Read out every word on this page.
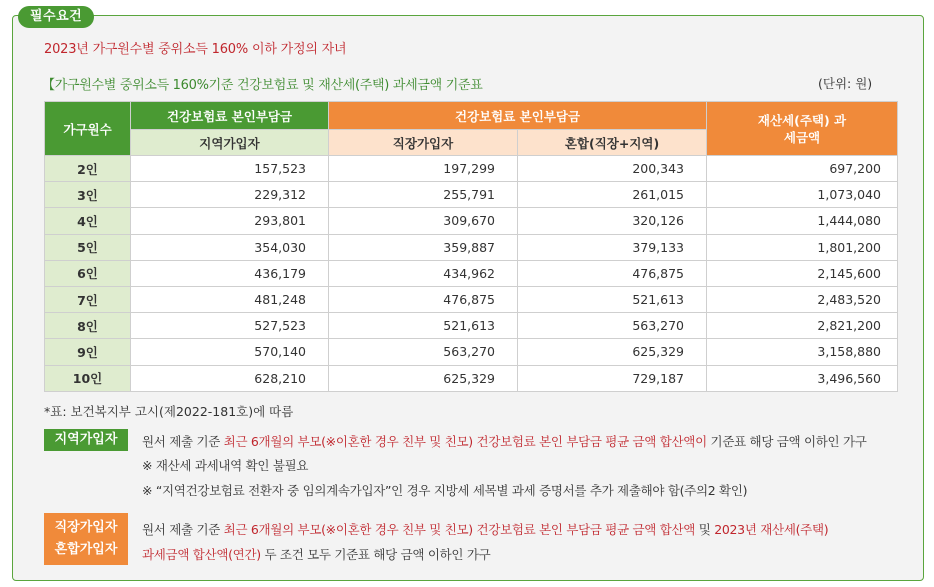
필수요건
2023년 가구원수별 중위소득 160% 이하 가정의 자녀
【가구원수별 중위소득 160%기준 건강보험료 및 재산세(주택) 과세금액 기준표	(단위: 원)
가구원수	건강보험료 본인부담금	건강보험료 본인부담금		재산세(주택) 과세금액
	지역가입자	직장가입자	혼합(직장+지역)	
2인	157,523	197,299	200,343	697,200
3인	229,312	255,791	261,015	1,073,040
4인	293,801	309,670	320,126	1,444,080
5인	354,030	359,887	379,133	1,801,200
6인	436,179	434,962	476,875	2,145,600
7인	481,248	476,875	521,613	2,483,520
8인	527,523	521,613	563,270	2,821,200
9인	570,140	563,270	625,329	3,158,880
10인	628,210	625,329	729,187	3,496,560
*표: 보건복지부 고시(제2022-181호)에 따름
지역가입자	원서 제출 기준 최근 6개월의 부모(※이혼한 경우 친부 및 친모) 건강보험료 본인 부담금 평균 금액 합산액이 기준표 해당 금액 이하인 가구
※ 재산세 과세내역 확인 불필요
※ “지역건강보험료 전환자 중 임의계속가입자”인 경우 지방세 세목별 과세 증명서를 추가 제출해야 함(주의2 확인)
직장가입자
혼합가입자
원서 제출 기준 최근 6개월의 부모(※이혼한 경우 친부 및 친모) 건강보험료 본인 부담금 평균 금액 합산액 및 2023년 재산세(주택)
과세금액 합산액(연간) 두 조건 모두 기준표 해당 금액 이하인 가구
